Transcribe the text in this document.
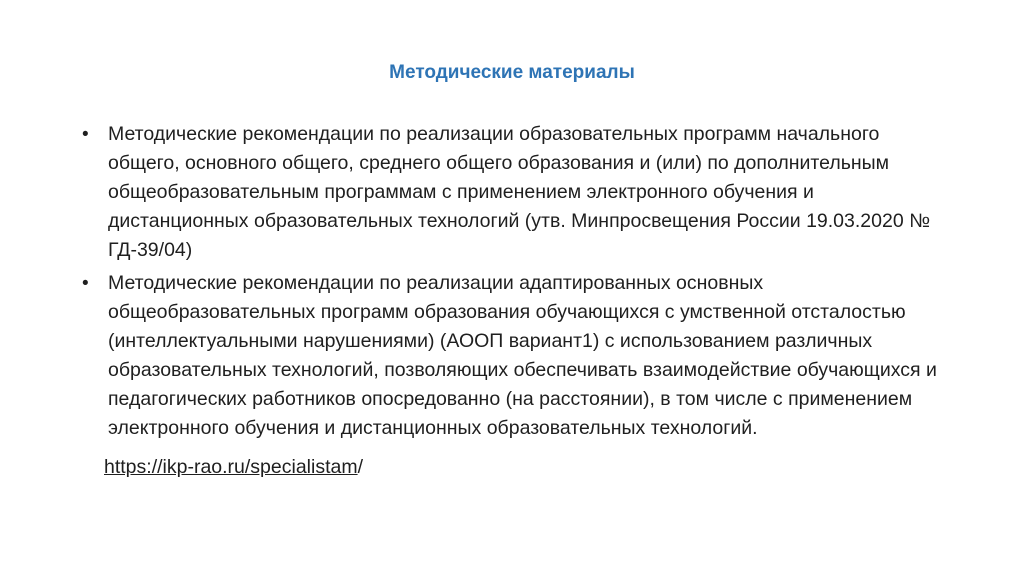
Методические материалы
• Методические рекомендации по реализации образовательных программ начального общего, основного общего, среднего общего образования и (или) по дополнительным общеобразовательным программам с применением электронного обучения и дистанционных образовательных технологий (утв. Минпросвещения России 19.03.2020 № ГД-39/04)
• Методические рекомендации по реализации адаптированных основных общеобразовательных программ образования обучающихся с умственной отсталостью (интеллектуальными нарушениями) (АООП вариант1) с использованием различных образовательных технологий, позволяющих обеспечивать взаимодействие обучающихся и педагогических работников опосредованно (на расстоянии), в том числе с применением электронного обучения и дистанционных образовательных технологий.
https://ikp-rao.ru/specialistam/
